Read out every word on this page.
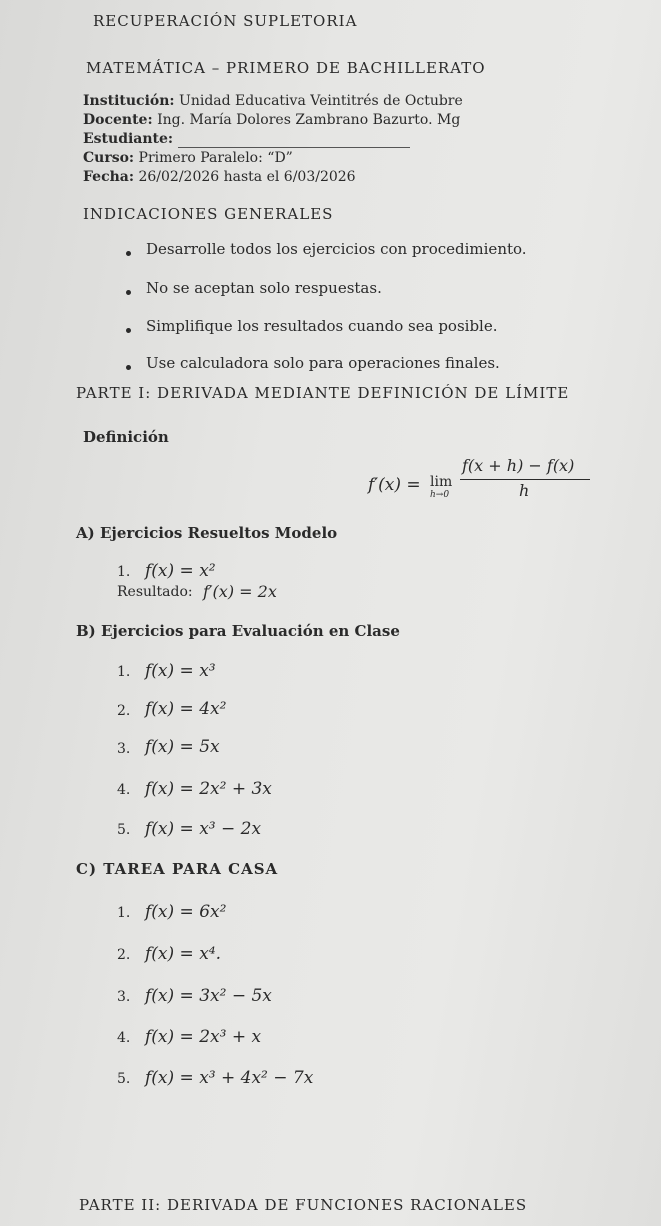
RECUPERACIÓN SUPLETORIA
MATEMÁTICA – PRIMERO DE BACHILLERATO
Institución: Unidad Educativa Veintitrés de Octubre
Docente: Ing. María Dolores Zambrano Bazurto. Mg
Estudiante:
Curso: Primero Paralelo: “D”
Fecha: 26/02/2026 hasta el 6/03/2026
INDICACIONES GENERALES
Desarrolle todos los ejercicios con procedimiento.
No se aceptan solo respuestas.
Simplifique los resultados cuando sea posible.
Use calculadora solo para operaciones finales.
PARTE I: DERIVADA MEDIANTE DEFINICIÓN DE LÍMITE
Definición
f′(x) = lim
h→0
f(x + h) − f(x)
h
A) Ejercicios Resueltos Modelo
1. f(x) = x²
Resultado: f′(x) = 2x
B) Ejercicios para Evaluación en Clase
1. f(x) = x³
2. f(x) = 4x²
3. f(x) = 5x
4. f(x) = 2x² + 3x
5. f(x) = x³ − 2x
C) TAREA PARA CASA
1. f(x) = 6x²
2. f(x) = x⁴.
3. f(x) = 3x² − 5x
4. f(x) = 2x³ + x
5. f(x) = x³ + 4x² − 7x
PARTE II: DERIVADA DE FUNCIONES RACIONALES
